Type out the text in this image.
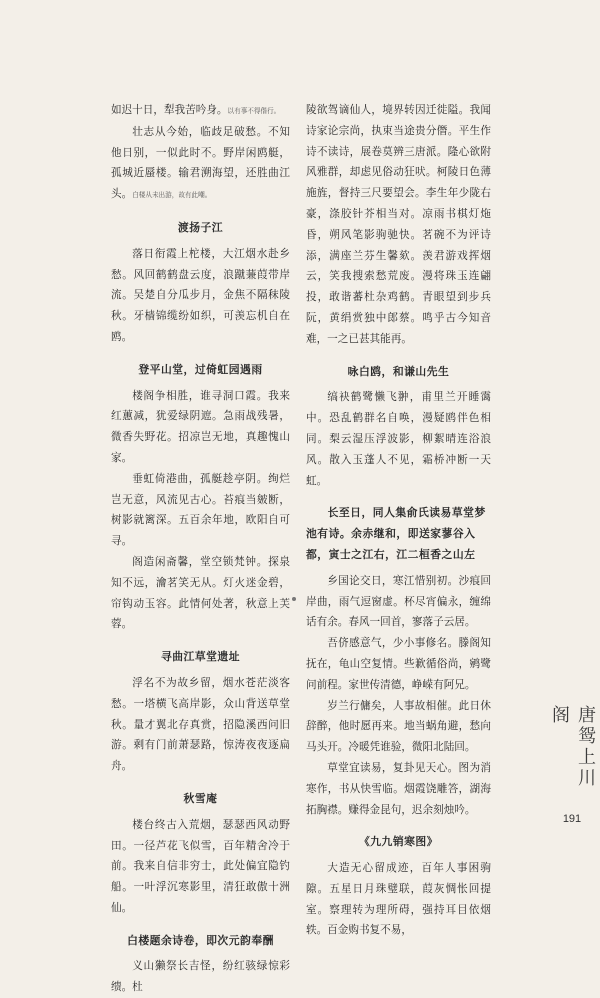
如迟十日，犁我苦吟身。以有事不得偕行。

壮志从今始，临歧足破愁。不知他日别，一似此时不。野岸闲鸥艇，孤城近蜃楼。输君溯海望，还胜曲江头。白楼从未出游，故有此嘲。

渡扬子江

落日衔霞上柁楼，大江烟水赴乡愁。风回鹤鹤盘云度，浪蹴蒹葭带岸流。吴楚自分瓜步月，金焦不隔秣陵秋。牙樯锦缆纷如织，可羡忘机自在鸥。

登平山堂，过倚虹园遇雨

楼阁争相胜，谁寻洞口霞。我来红蕙减，犹爱绿阴遮。急雨战残暑，微香失野花。招凉岂无地，真趣愧山家。

垂虹倚港曲，孤艇趁亭阴。绚烂岂无意，风流见古心。苔痕当皴断，树影就篱深。五百余年地，欧阳自可寻。

阁造闲斋馨，堂空锁梵钟。探泉知不远，瀹茗笑无从。灯火迷金碧，帘钩动玉容。此情何处著，秋意上芙蓉。

寻曲江草堂遗址

浮名不为故乡留，烟水苍茫淡客愁。一塔横飞高岸影，众山背送草堂秋。量才翼北存真赏，招隐溪西问旧游。剩有门前萧瑟路，惊涛夜夜逐扁舟。

秋雪庵

楼台终古入荒烟，瑟瑟西风动野田。一径芦花飞似雪，百年精舍冷于前。我来自信非穷士，此处偏宜隐钓船。一叶浮沉寒影里，清狂敢傲十洲仙。

白楼题余诗卷，即次元韵奉酬

义山獭祭长吉怪，纷红骇绿惊彩缋。杜

陵欲驾谪仙人，境界转因迁徙隘。我闻诗家论宗尚，执束当途贵分僭。平生作诗不读诗，展卷莫辨三唐派。隆心欲附风雅群，却虑见俗动狂吠。柯陵日色薄施旌，督持三尺要望会。李生年少陇右豪，涤胶针芥相当对。凉雨书棋灯炧昏，朔风笔影驹驰快。茗碗不为评诗添，满座兰芬生馨欬。羡君游戏挥烟云，笑我搜索愁荒废。漫将珠玉连翩投，敢谐蕃杜杂鸡鹤。青眼望到步兵阮，黄绢赏独中郎蔡。鸣乎古今知音难，一之已甚其能再。

咏白鸥，和谦山先生

缟袂鹤鹭懒飞翀，甫里兰开睡霭中。恐乱鹤群名自唤，漫疑鸥伴色相同。梨云湿压浮波影，柳絮晴连浴浪风。散入玉蓬人不见，霜桥冲断一天虹。

长至日，同人集俞氏读易草堂梦池有诗。余赤继和，即送家蓼谷入都，寅士之江右，江二桓香之山左

乡国论交日，寒江惜别初。沙痕回岸曲，雨气逗窗虚。杯尽宵偏永，缠绵话有余。春风一回首，寥落子云居。

吾侪感意气，少小事修名。滕阁知抚在，龟山空复情。些歉循俗尚，鹓鹭问前程。家世传清德，峥嵘有阿兄。

岁兰行傭矣，人事故相催。此日休辞醉，他时愿再来。地当蜗角避，愁向马头开。冷暖凭谁验，微阳北陆回。

草堂宜读易，复卦见天心。图为消寒作，书从快雪临。烟霞饶雕答，湖海拓胸襟。赚得金昆句，迟余刻烛吟。

《九九销寒图》

大造无心留成迹，百年人事困驹隙。五星日月珠璧联，葭灰惆怅回提室。察理转为理所碍，强持耳目依烟轶。百金购书复不易，

唐鸳上川阁
191
